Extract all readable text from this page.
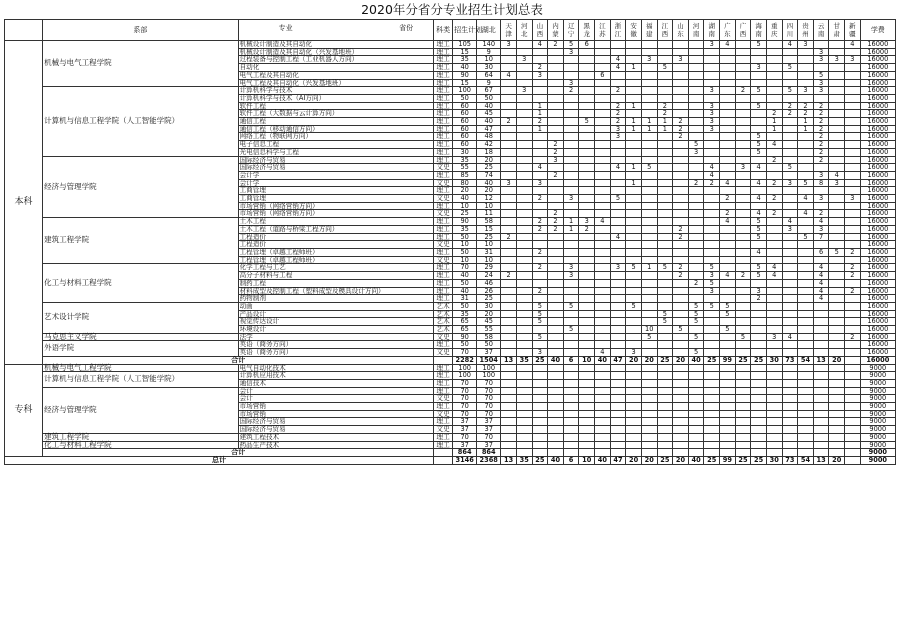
2020年分省分专业招生计划总表
	系部	专业 省份	科类	招生计划	湖北	天津	河北	山西	内蒙	辽宁	黑龙	江苏	浙江	安徽	福建	江西	山东	河南	湖南	广东	广西	海南	重庆	四川	贵州	云南	甘肃	新疆	学费
本科	机械与电气工程学院	机械设计制造及其自动化	理工	105	140	3		4	2	5	6								3	4		5		4	3			4	16000
		机械设计制造及其自动化（兴发基地班）	理工	15	9					3																3			16000
		过程装备与控制工程（工业机器人方向）	理工	35	10		3						4		3		3									3	3	3	16000
		自动化	理工	40	30			2					4	1		5						3		5					16000
		电气工程及其自动化	理工	90	64	4		3				6														5			16000
		电气工程及其自动化（兴发基地班）	理工	15	9					3																3			16000
	计算机与信息工程学院（人工智能学院）	计算机科学与技术	理工	100	67		3			2			2						3		2	5		5	3	3			16000
		计算机科学与技术（AI方向）	理工	50	50																								16000
		软件工程	理工	60	40			1					2	1		2			3			5		2	2	2			16000
		软件工程（大数据与云计算方向）	理工	60	45			1					2			2			3				2	2	2	2			16000
		通信工程	理工	60	40	2		2			5		2	1	1	1	2		3				1		1	2			16000
		通信工程（移动通信方向）	理工	60	47			1					3	1	1	1	2		3				1		1	2			16000
		网络工程（物联网方向）	理工	60	48								3				2					5				2			16000
		电子信息工程	理工	60	42				2									5				5	4			2			16000
		光电信息科学与工程	理工	30	18				2									3				5				2			16000
	经济与管理学院	国际经济与贸易	理工	35	20				3														2			2			16000
		国际经济与贸易	文史	55	25			4					4	1	5				4		3	4		5					16000
		会计学	理工	85	74				2										4							3	4		16000
		会计学	文史	80	40	3		3						1				2	2	4		4	2	3	5	8	3		16000
		工商管理	理工	20	20																								16000
		工商管理	文史	40	12			2		3			5							2		4	2		4	3		3	16000
		市场营销（网络营销方向）	理工	10	10																								16000
		市场营销（网络营销方向）	文史	25	11				2											2		4	2		4	2			16000
	建筑工程学院	土木工程	理工	90	58			2	2	1	3	4								4		5		4		4			16000
		土木工程（道路与桥梁工程方向）	理工	35	15			2	2	1	2						2					5		3		3			16000
		工程造价	理工	50	25	2							4				2					5			5	7			16000
		工程造价	文史	10	10																								16000
		工程管理（卓越工程师班）	理工	50	31			2														4				6	5	2	16000
		工程管理（卓越工程师班）	文史	10	10																								16000
	化工与材料工程学院	化学工程与工艺	理工	70	29			2		3			3	5	1	5	2		5			5	4			4		2	16000
		高分子材料与工程	理工	40	24	2				3							2		3	4	2	5	4			4		2	16000
		制药工程	理工	50	46													2	5							4			16000
		材料成型及控制工程（塑料成型及模具设计方向）	理工	40	26			2											3			3				4		2	16000
		药物制剂	理工	31	25																	2				4			16000
	艺术设计学院	动画	艺术	50	30			5		5				5				5	5	5									16000
		产品设计	艺术	35	20			5								5		5		5									16000
		视觉传达设计	艺术	65	45			5								5		5											16000
		环境设计	艺术	65	55					5					10		5			5									16000
	马克思主义学院	法学	文史	90	58			5							5			5			5		3	4				2	16000
	外语学院	英语（商务方向）	理工	50	50																								16000
		英语（商务方向）	文史	70	37			3				4		3				5											16000
	合计			2282	1504	13	35	25	40	6	10	40	47	20	20	25	20	40	25	99	25	25	30	73	54	13	20		16000
专科	机械与电气工程学院	电气自动化技术	理工	100	100																								9000
	计算机与信息工程学院（人工智能学院）	计算机应用技术	理工	100	100																								9000
		通信技术	理工	70	70																								9000
	经济与管理学院	会计	理工	70	70																								9000
		会计	文史	70	70																								9000
		市场营销	理工	70	70																								9000
		市场营销	文史	70	70																								9000
		国际经济与贸易	理工	37	37																								9000
		国际经济与贸易	文史	37	37																								9000
	建筑工程学院	建筑工程技术	理工	70	70																								9000
	化工与材料工程学院	药品生产技术	理工	37	37																								9000
	合计			864	864																								9000
总计				3146	2368	13	35	25	40	6	10	40	47	20	20	25	20	40	25	99	25	25	30	73	54	13	20		9000
